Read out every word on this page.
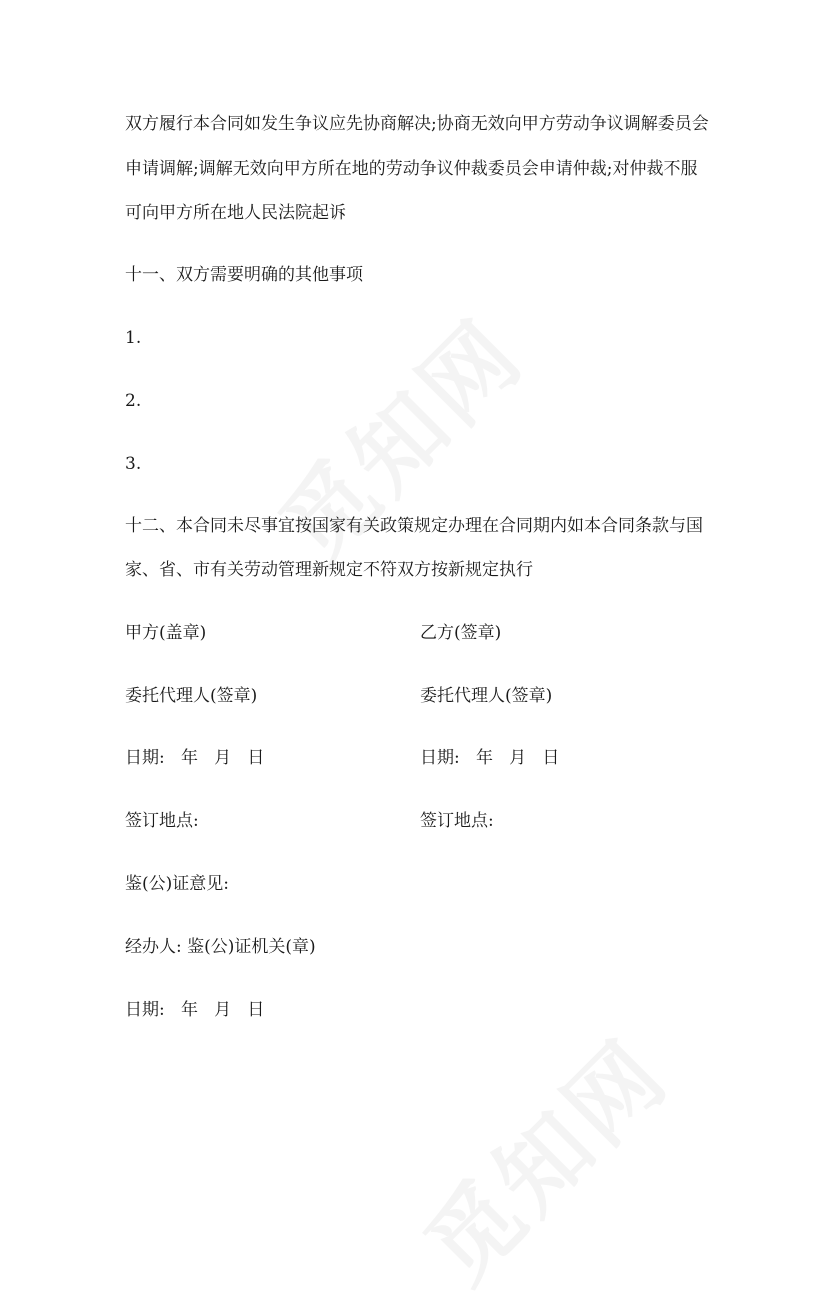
双方履行本合同如发生争议应先协商解决;协商无效向甲方劳动争议调解委员会

申请调解;调解无效向甲方所在地的劳动争议仲裁委员会申请仲裁;对仲裁不服

可向甲方所在地人民法院起诉

十一、双方需要明确的其他事项

1.

2.

3.

十二、本合同未尽事宜按国家有关政策规定办理在合同期内如本合同条款与国

家、省、市有关劳动管理新规定不符双方按新规定执行

甲方(盖章)	乙方(签章)

委托代理人(签章)	委托代理人(签章)

日期:   年   月   日	日期:   年   月   日

签订地点:	签订地点:

鉴(公)证意见:

经办人: 鉴(公)证机关(章)

日期:   年   月   日
